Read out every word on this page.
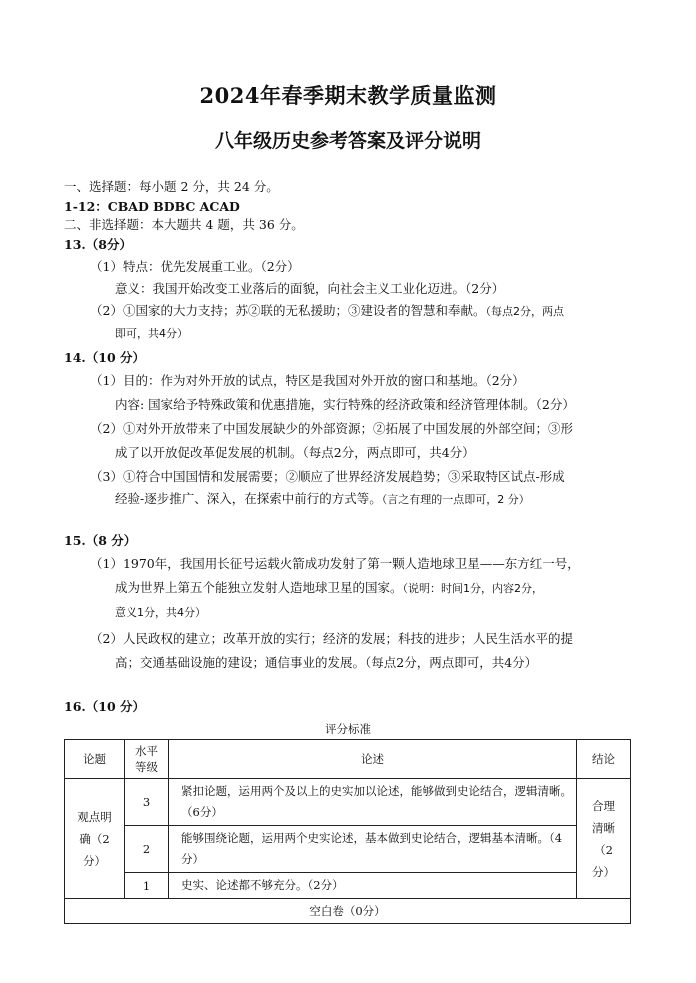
2024年春季期末教学质量监测
八年级历史参考答案及评分说明
一、选择题：每小题 2 分，共 24 分。
1-12：CBAD BDBC ACAD
二、非选择题：本大题共 4 题，共 36 分。
13.（8分）
（1）特点：优先发展重工业。（2分）
意义：我国开始改变工业落后的面貌，向社会主义工业化迈进。（2分）
（2）①国家的大力支持；苏②联的无私援助；③建设者的智慧和奉献。（每点2分，两点
即可，共4分）
14.（10 分）
（1）目的：作为对外开放的试点，特区是我国对外开放的窗口和基地。（2分）
内容: 国家给予特殊政策和优惠措施，实行特殊的经济政策和经济管理体制。（2分）
（2）①对外开放带来了中国发展缺少的外部资源；②拓展了中国发展的外部空间；③形
成了以开放促改革促发展的机制。（每点2分，两点即可，共4分）
（3）①符合中国国情和发展需要；②顺应了世界经济发展趋势；③采取特区试点-形成
经验-逐步推广、深入，在探索中前行的方式等。（言之有理的一点即可，2 分）
15.（8 分）
（1）1970年，我国用长征号运载火箭成功发射了第一颗人造地球卫星——东方红一号，
成为世界上第五个能独立发射人造地球卫星的国家。（说明：时间1分，内容2分，
意义1分，共4分）
（2）人民政权的建立；改革开放的实行；经济的发展；科技的进步；人民生活水平的提
高；交通基础设施的建设；通信事业的发展。（每点2分，两点即可，共4分）
16.（10 分）
评分标准
论题	水平等级	论述	结论
观点明确（2分）	3	紧扣论题，运用两个及以上的史实加以论述，能够做到史论结合，逻辑清晰。（6分）	合理清晰（2分）
	2	能够围绕论题，运用两个史实论述，基本做到史论结合，逻辑基本清晰。（4分）	
	1	史实、论述都不够充分。（2分）	
空白卷（0分）			
